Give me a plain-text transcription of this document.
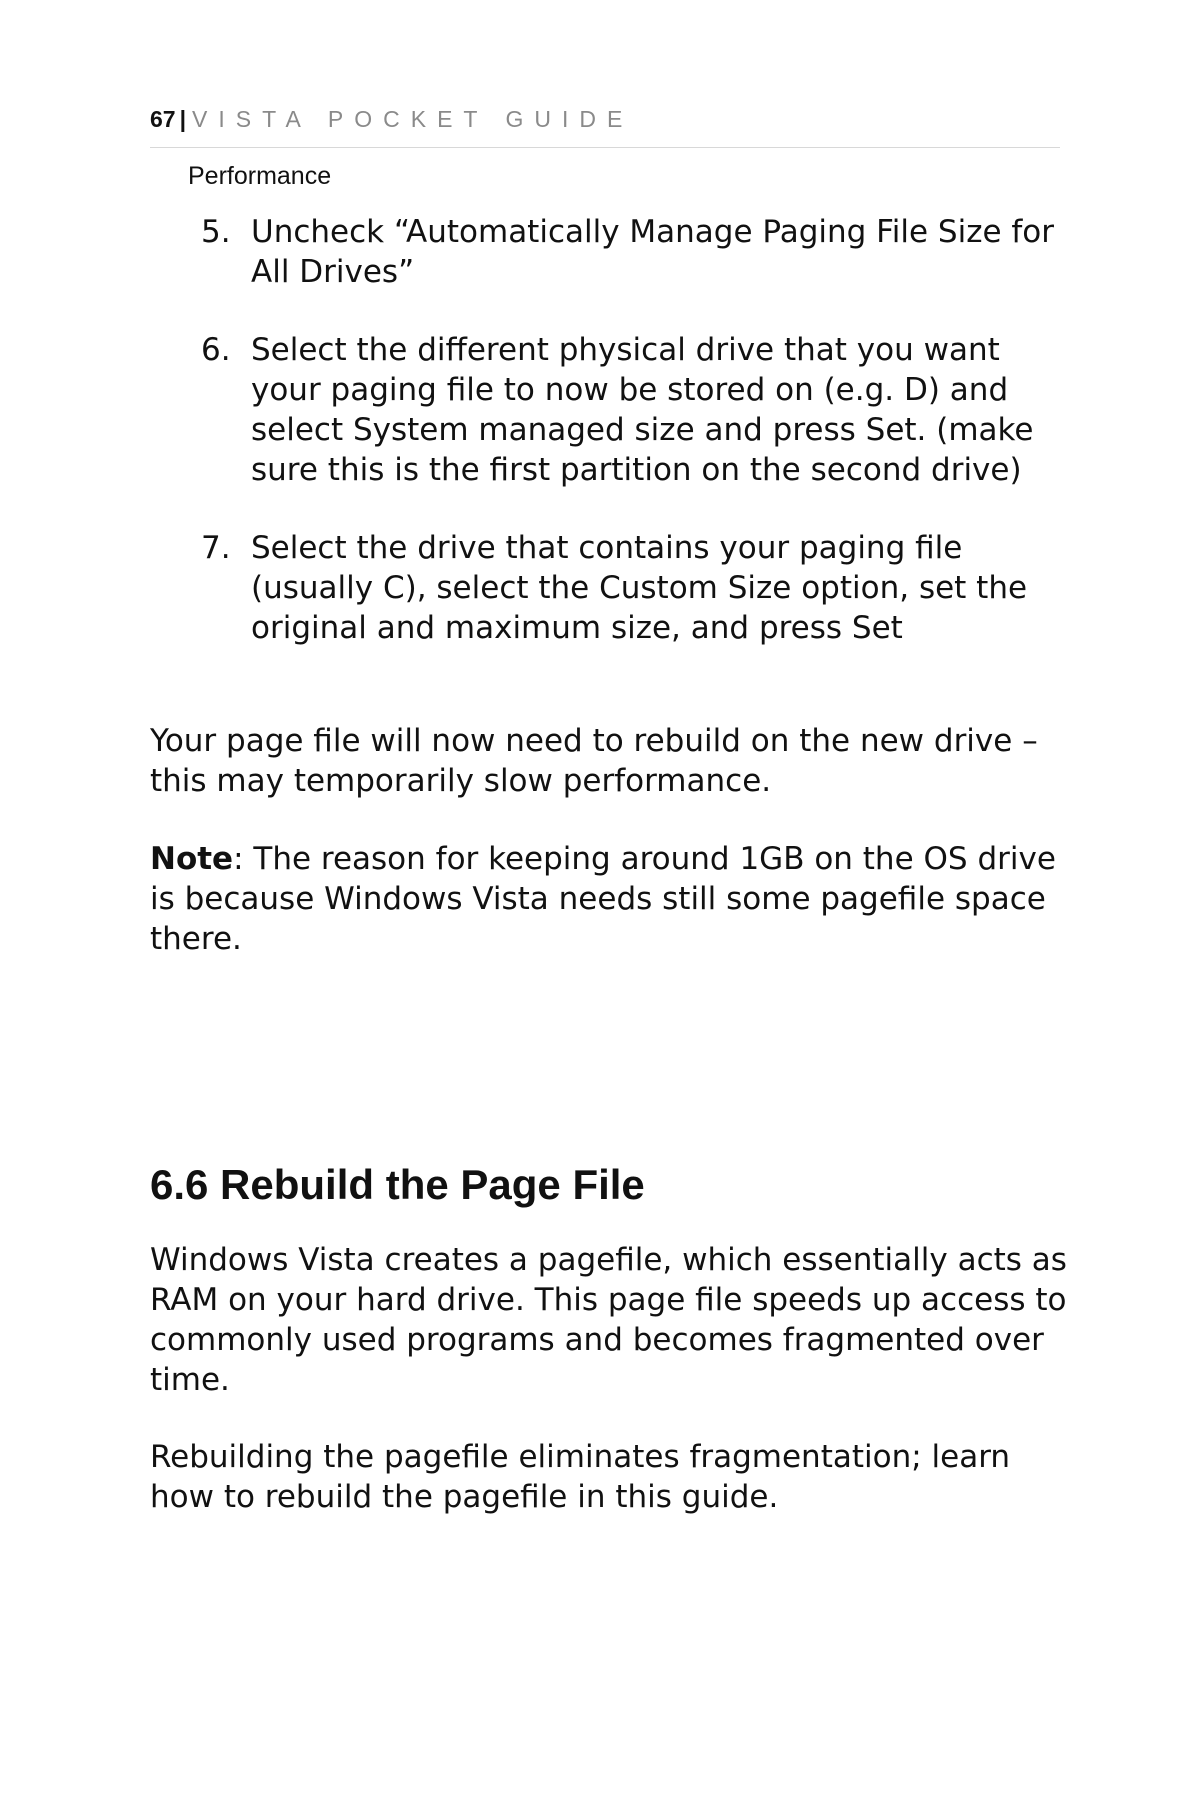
67 | VISTA POCKET GUIDE
Performance
5. Uncheck “Automatically Manage Paging File Size for All Drives”
6. Select the different physical drive that you want your paging file to now be stored on (e.g. D) and select System managed size and press Set. (make sure this is the first partition on the second drive)
7. Select the drive that contains your paging file (usually C), select the Custom Size option, set the original and maximum size, and press Set

Your page file will now need to rebuild on the new drive – this may temporarily slow performance.

Note: The reason for keeping around 1GB on the OS drive is because Windows Vista needs still some pagefile space there.

6.6 Rebuild the Page File

Windows Vista creates a pagefile, which essentially acts as RAM on your hard drive. This page file speeds up access to commonly used programs and becomes fragmented over time.

Rebuilding the pagefile eliminates fragmentation; learn how to rebuild the pagefile in this guide.
